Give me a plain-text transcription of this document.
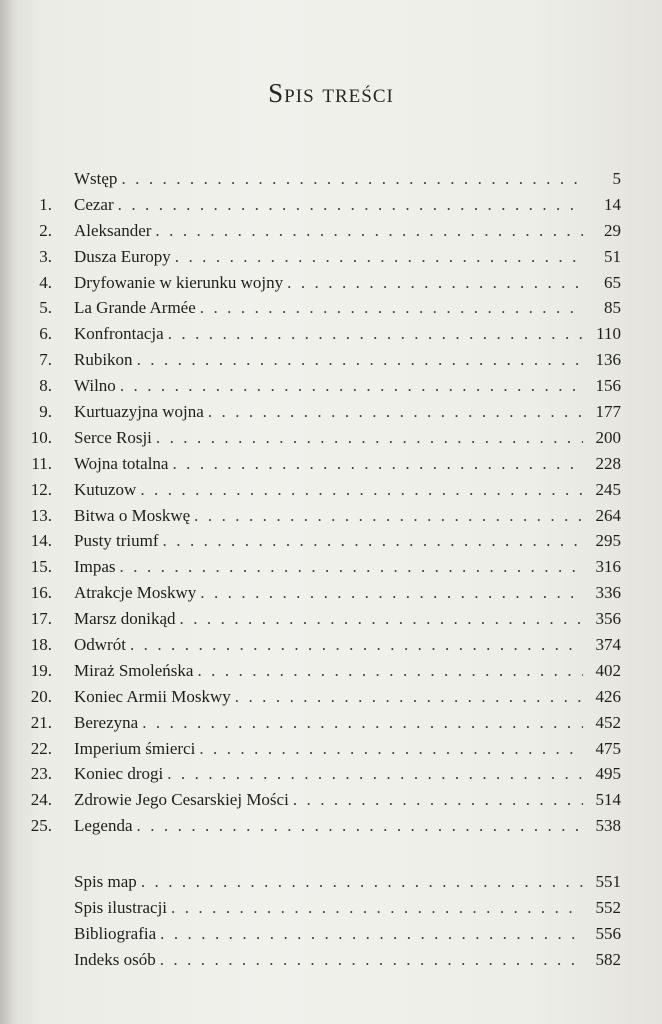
Spis treści
Wstęp . . .	5
1. Cezar . . .	14
2. Aleksander . . .	29
3. Dusza Europy . . .	51
4. Dryfowanie w kierunku wojny . . .	65
5. La Grande Armée . . .	85
6. Konfrontacja . . .	110
7. Rubikon . . .	136
8. Wilno . . .	156
9. Kurtuazyjna wojna . . .	177
10. Serce Rosji . . .	200
11. Wojna totalna . . .	228
12. Kutuzow . . .	245
13. Bitwa o Moskwę . . .	264
14. Pusty triumf . . .	295
15. Impas . . .	316
16. Atrakcje Moskwy . . .	336
17. Marsz donikąd . . .	356
18. Odwrót . . .	374
19. Miraż Smoleńska . . .	402
20. Koniec Armii Moskwy . . .	426
21. Berezyna . . .	452
22. Imperium śmierci . . .	475
23. Koniec drogi . . .	495
24. Zdrowie Jego Cesarskiej Mości . . .	514
25. Legenda . . .	538
Spis map . . .	551
Spis ilustracji . . .	552
Bibliografia . . .	556
Indeks osób . . .	582
